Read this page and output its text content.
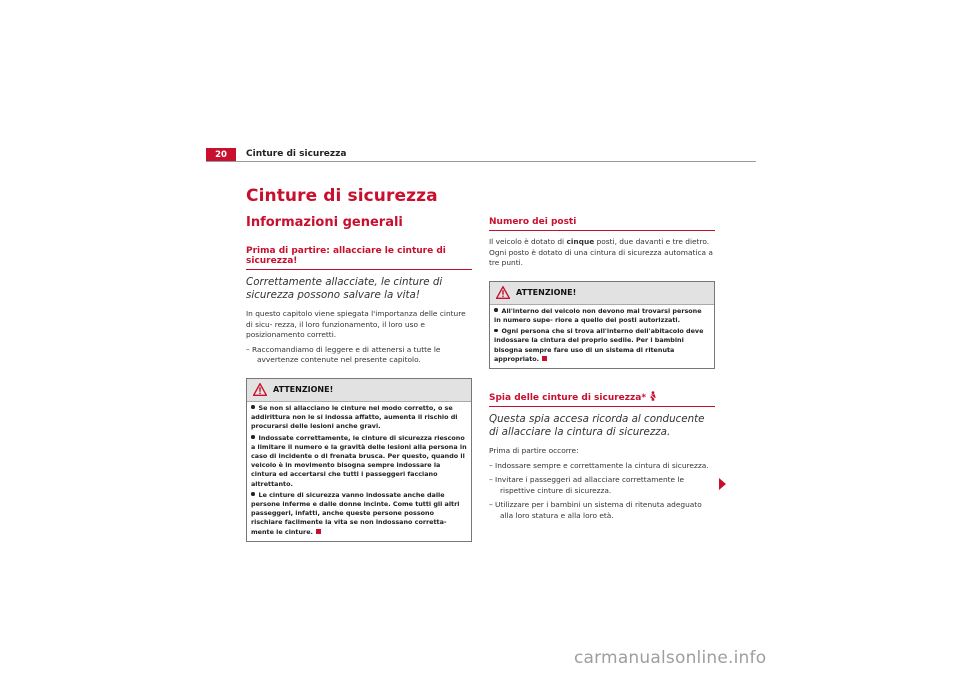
20	Cinture di sicurezza
Cinture di sicurezza
Informazioni generali
Prima di partire: allacciare le cinture di sicurezza!
Correttamente allacciate, le cinture di sicurezza possono salvare la vita!
In questo capitolo viene spiegata l'importanza delle cinture di sicu- rezza, il loro funzionamento, il loro uso e posizionamento corretti.
– Raccomandiamo di leggere e di attenersi a tutte le avvertenze contenute nel presente capitolo.
ATTENZIONE!
Se non si allacciano le cinture nel modo corretto, o se addirittura non le si indossa affatto, aumenta il rischio di procurarsi delle lesioni anche gravi.
Indossate correttamente, le cinture di sicurezza riescono a limitare il numero e la gravità delle lesioni alla persona in caso di incidente o di frenata brusca. Per questo, quando il veicolo è in movimento bisogna sempre indossare la cintura ed accertarsi che tutti i passeggeri facciano altrettanto.
Le cinture di sicurezza vanno indossate anche dalle persone inferme e dalle donne incinte. Come tutti gli altri passeggeri, infatti, anche queste persone possono rischiare facilmente la vita se non indossano corretta- mente le cinture.
Numero dei posti
Il veicolo è dotato di cinque posti, due davanti e tre dietro. Ogni posto è dotato di una cintura di sicurezza automatica a tre punti.
ATTENZIONE!
All'interno del veicolo non devono mai trovarsi persone in numero supe- riore a quello dei posti autorizzati.
Ogni persona che si trova all'interno dell'abitacolo deve indossare la cintura del proprio sedile. Per i bambini bisogna sempre fare uso di un sistema di ritenuta appropriato.
Spia delle cinture di sicurezza*
Questa spia accesa ricorda al conducente di allacciare la cintura di sicurezza.
Prima di partire occorre:
– Indossare sempre e correttamente la cintura di sicurezza.
– Invitare i passeggeri ad allacciare correttamente le rispettive cinture di sicurezza.
– Utilizzare per i bambini un sistema di ritenuta adeguato alla loro statura e alla loro età.
carmanualsonline.info
